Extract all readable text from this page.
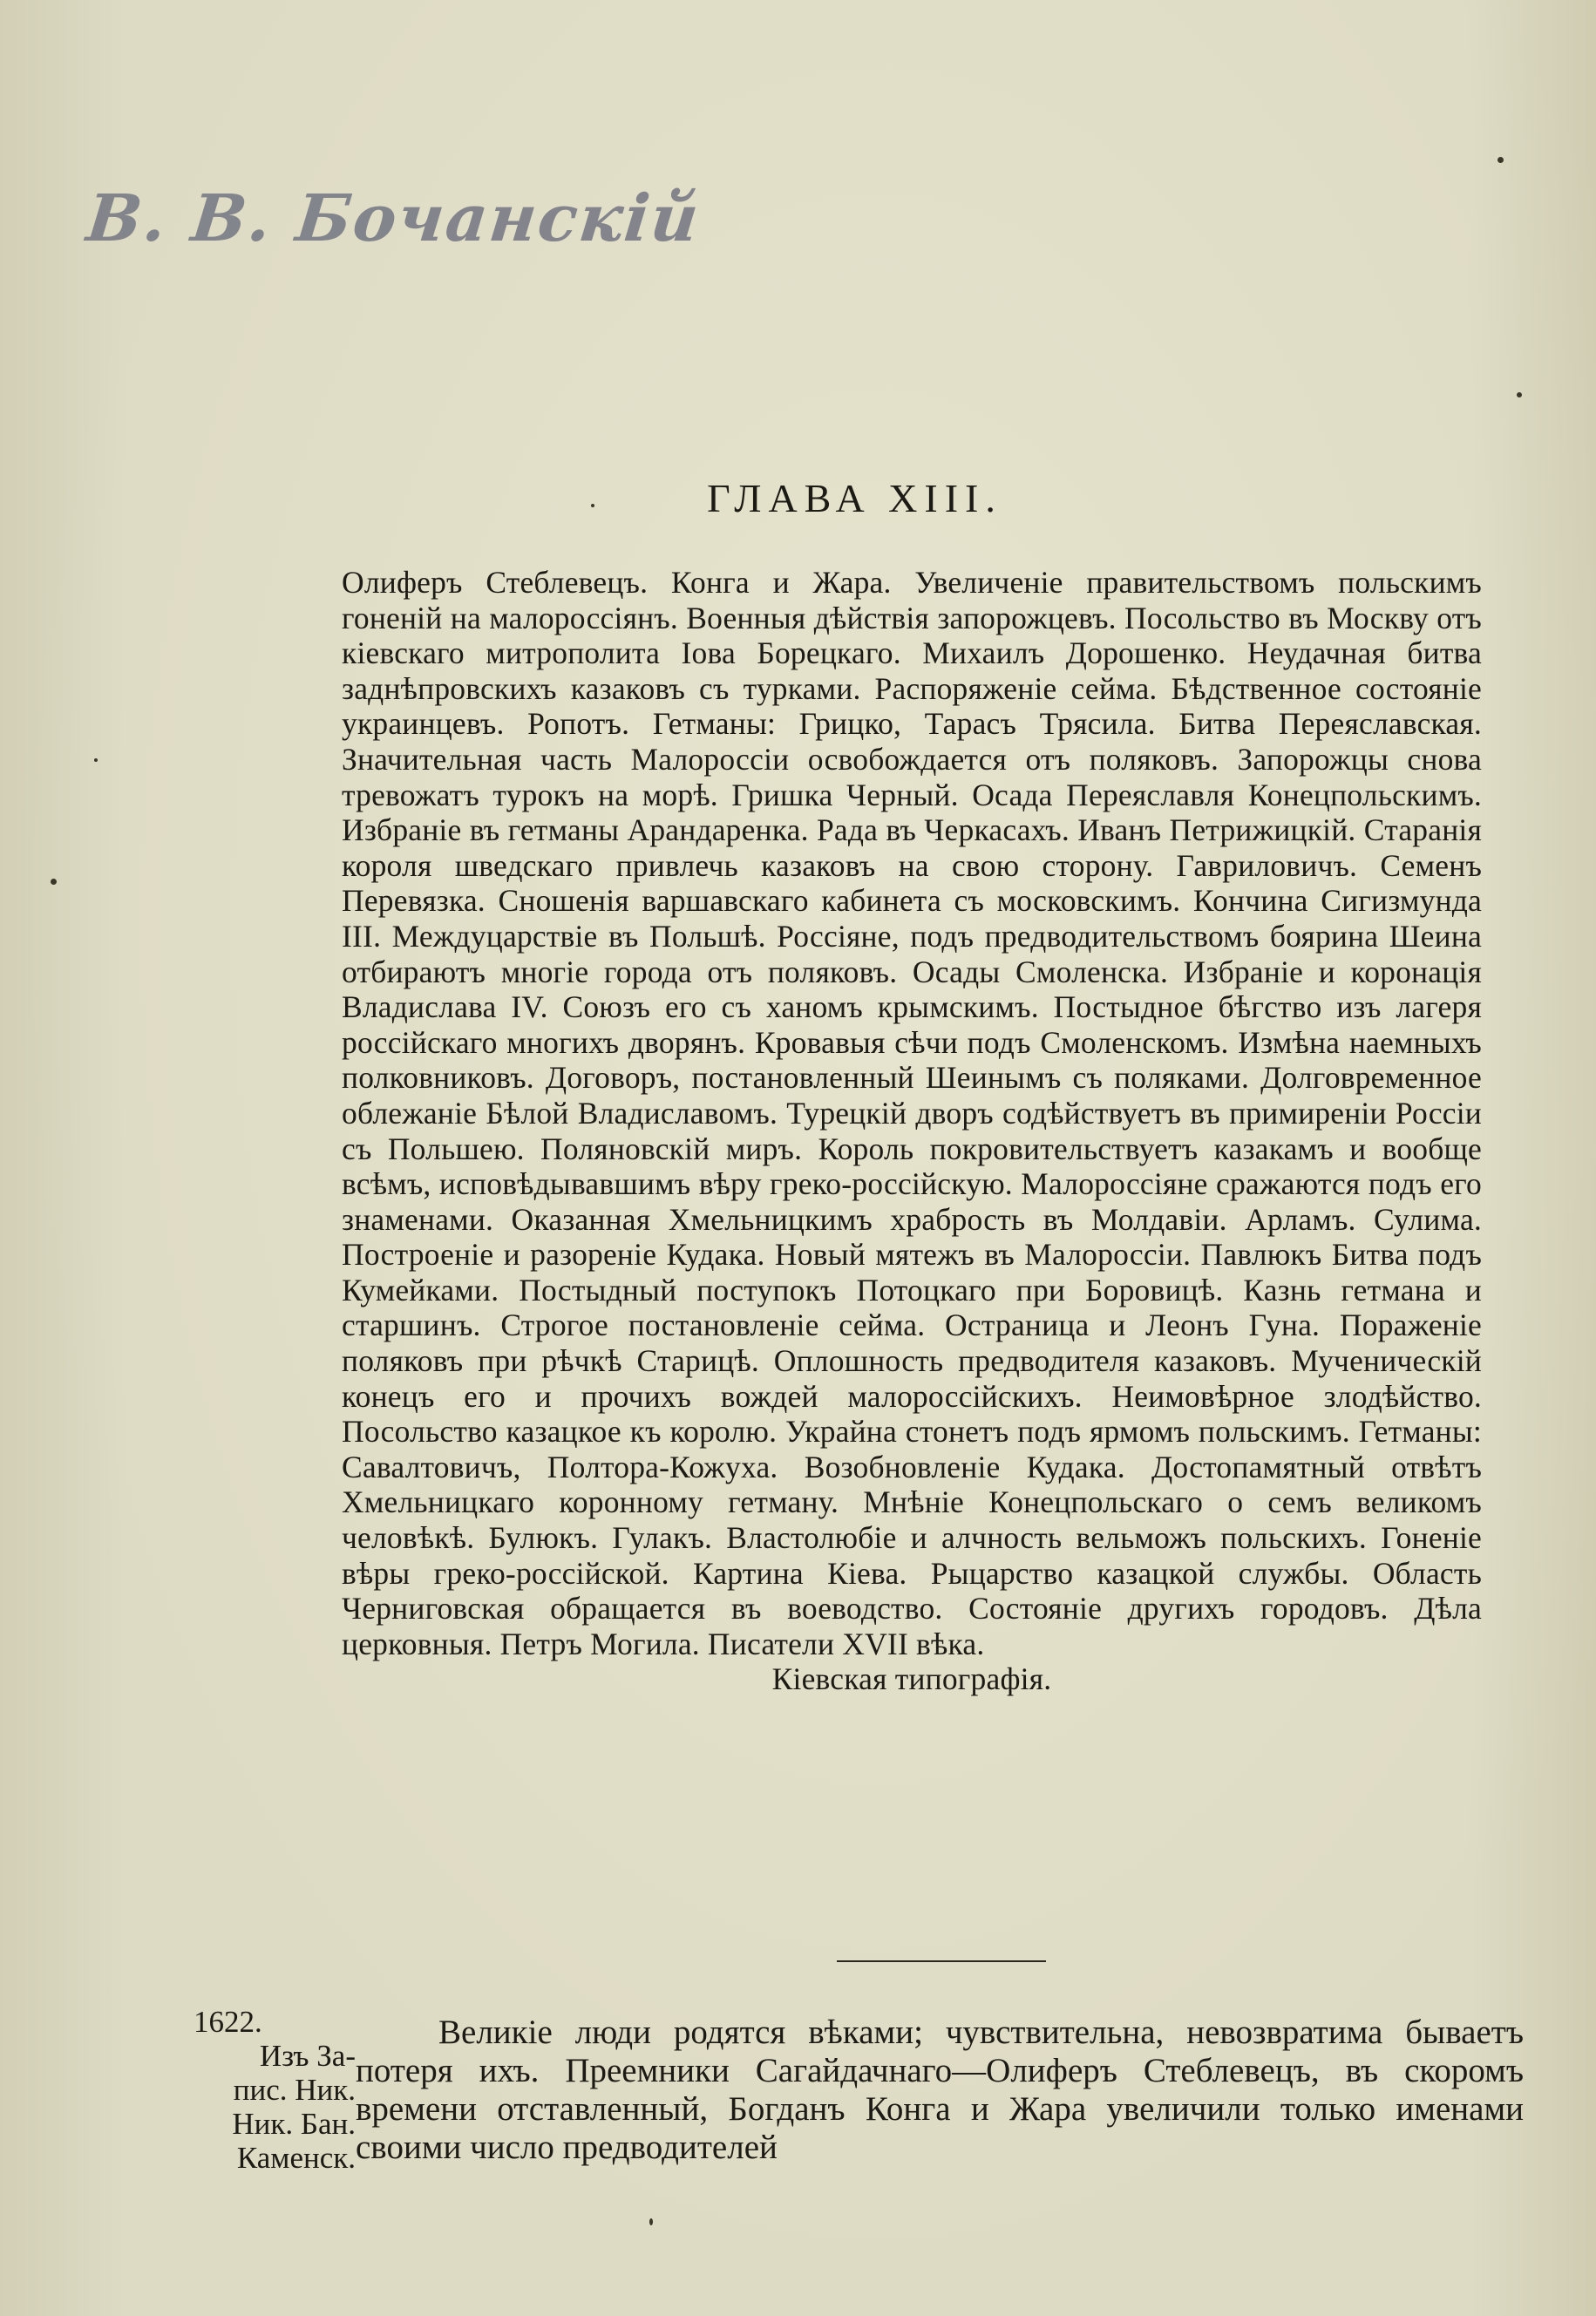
В. В. Бочанскiй
ГЛАВА XIII.
Олиферъ Стеблевецъ. Конга и Жара. Увеличенiе правительствомъ польскимъ гоненiй на малороссiянъ. Военныя дѣйствiя запорожцевъ. Посольство въ Москву отъ кiевскаго митрополита Iова Борецкаго. Михаилъ Дорошенко. Неудачная битва заднѣпровскихъ казаковъ съ турками. Распоряженiе сейма. Бѣдственное состоянiе украинцевъ. Ропотъ. Гетманы: Грицко, Тарасъ Трясила. Битва Переяславская. Значительная часть Малороссiи освобождается отъ поляковъ. Запорожцы снова тревожатъ турокъ на морѣ. Гришка Черный. Осада Переяславля Конецпольскимъ. Избранiе въ гетманы Арандаренка. Рада въ Черкасахъ. Иванъ Петрижицкiй. Старанiя короля шведскаго привлечь казаковъ на свою сторону. Гавриловичъ. Семенъ Перевязка. Сношенiя варшавскаго кабинета съ московскимъ. Кончина Сигизмунда III. Междуцарствiе въ Польшѣ. Россiяне, подъ предводительствомъ боярина Шеина отбираютъ многiе города отъ поляковъ. Осады Смоленска. Избранiе и коронацiя Владислава IV. Союзъ его съ ханомъ крымскимъ. Постыдное бѣгство изъ лагеря россiйскаго многихъ дворянъ. Кровавыя сѣчи подъ Смоленскомъ. Измѣна наемныхъ полковниковъ. Договоръ, постановленный Шеинымъ съ поляками. Долговременное облежанiе Бѣлой Владиславомъ. Турецкiй дворъ содѣйствуетъ въ примиренiи Россiи съ Польшею. Поляновскiй миръ. Король покровительствуетъ казакамъ и вообще всѣмъ, исповѣдывавшимъ вѣру греко-россiйскую. Малороссiяне сражаются подъ его знаменами. Оказанная Хмельницкимъ храбрость въ Молдавiи. Арламъ. Сулима. Построенiе и разоренiе Кудака. Новый мятежъ въ Малороссiи. Павлюкъ Битва подъ Кумейками. Постыдный поступокъ Потоцкаго при Боровицѣ. Казнь гетмана и старшинъ. Строгое постановленiе сейма. Остраница и Леонъ Гуна. Пораженiе поляковъ при рѣчкѣ Старицѣ. Оплошность предводителя казаковъ. Мученическiй конецъ его и прочихъ вождей малороссiйскихъ. Неимовѣрное злодѣйство. Посольство казацкое къ королю. Украйна стонетъ подъ ярмомъ польскимъ. Гетманы: Савалтовичъ, Полтора-Кожуха. Возобновленiе Кудака. Достопамятный отвѣтъ Хмельницкаго коронному гетману. Мнѣнiе Конецпольскаго о семъ великомъ человѣкѣ. Булюкъ. Гулакъ. Властолюбiе и алчность вельможъ польскихъ. Гоненiе вѣры греко-россiйской. Картина Кiева. Рыцарство казацкой службы. Область Черниговская обращается въ воеводство. Состоянiе другихъ городовъ. Дѣла церковныя. Петръ Могила. Писатели XVII вѣка.
Кiевская типографiя.
1622.
Изъ За-
пис. Ник.
Ник. Бан.
Каменск.
Великiе люди родятся вѣками; чувствительна, невозвратима бываетъ потеря ихъ. Преемники Сагайдачнаго—Олиферъ Стеблевецъ, въ скоромъ времени отставленный, Богданъ Конга и Жара увеличили только именами своими число предводителей
